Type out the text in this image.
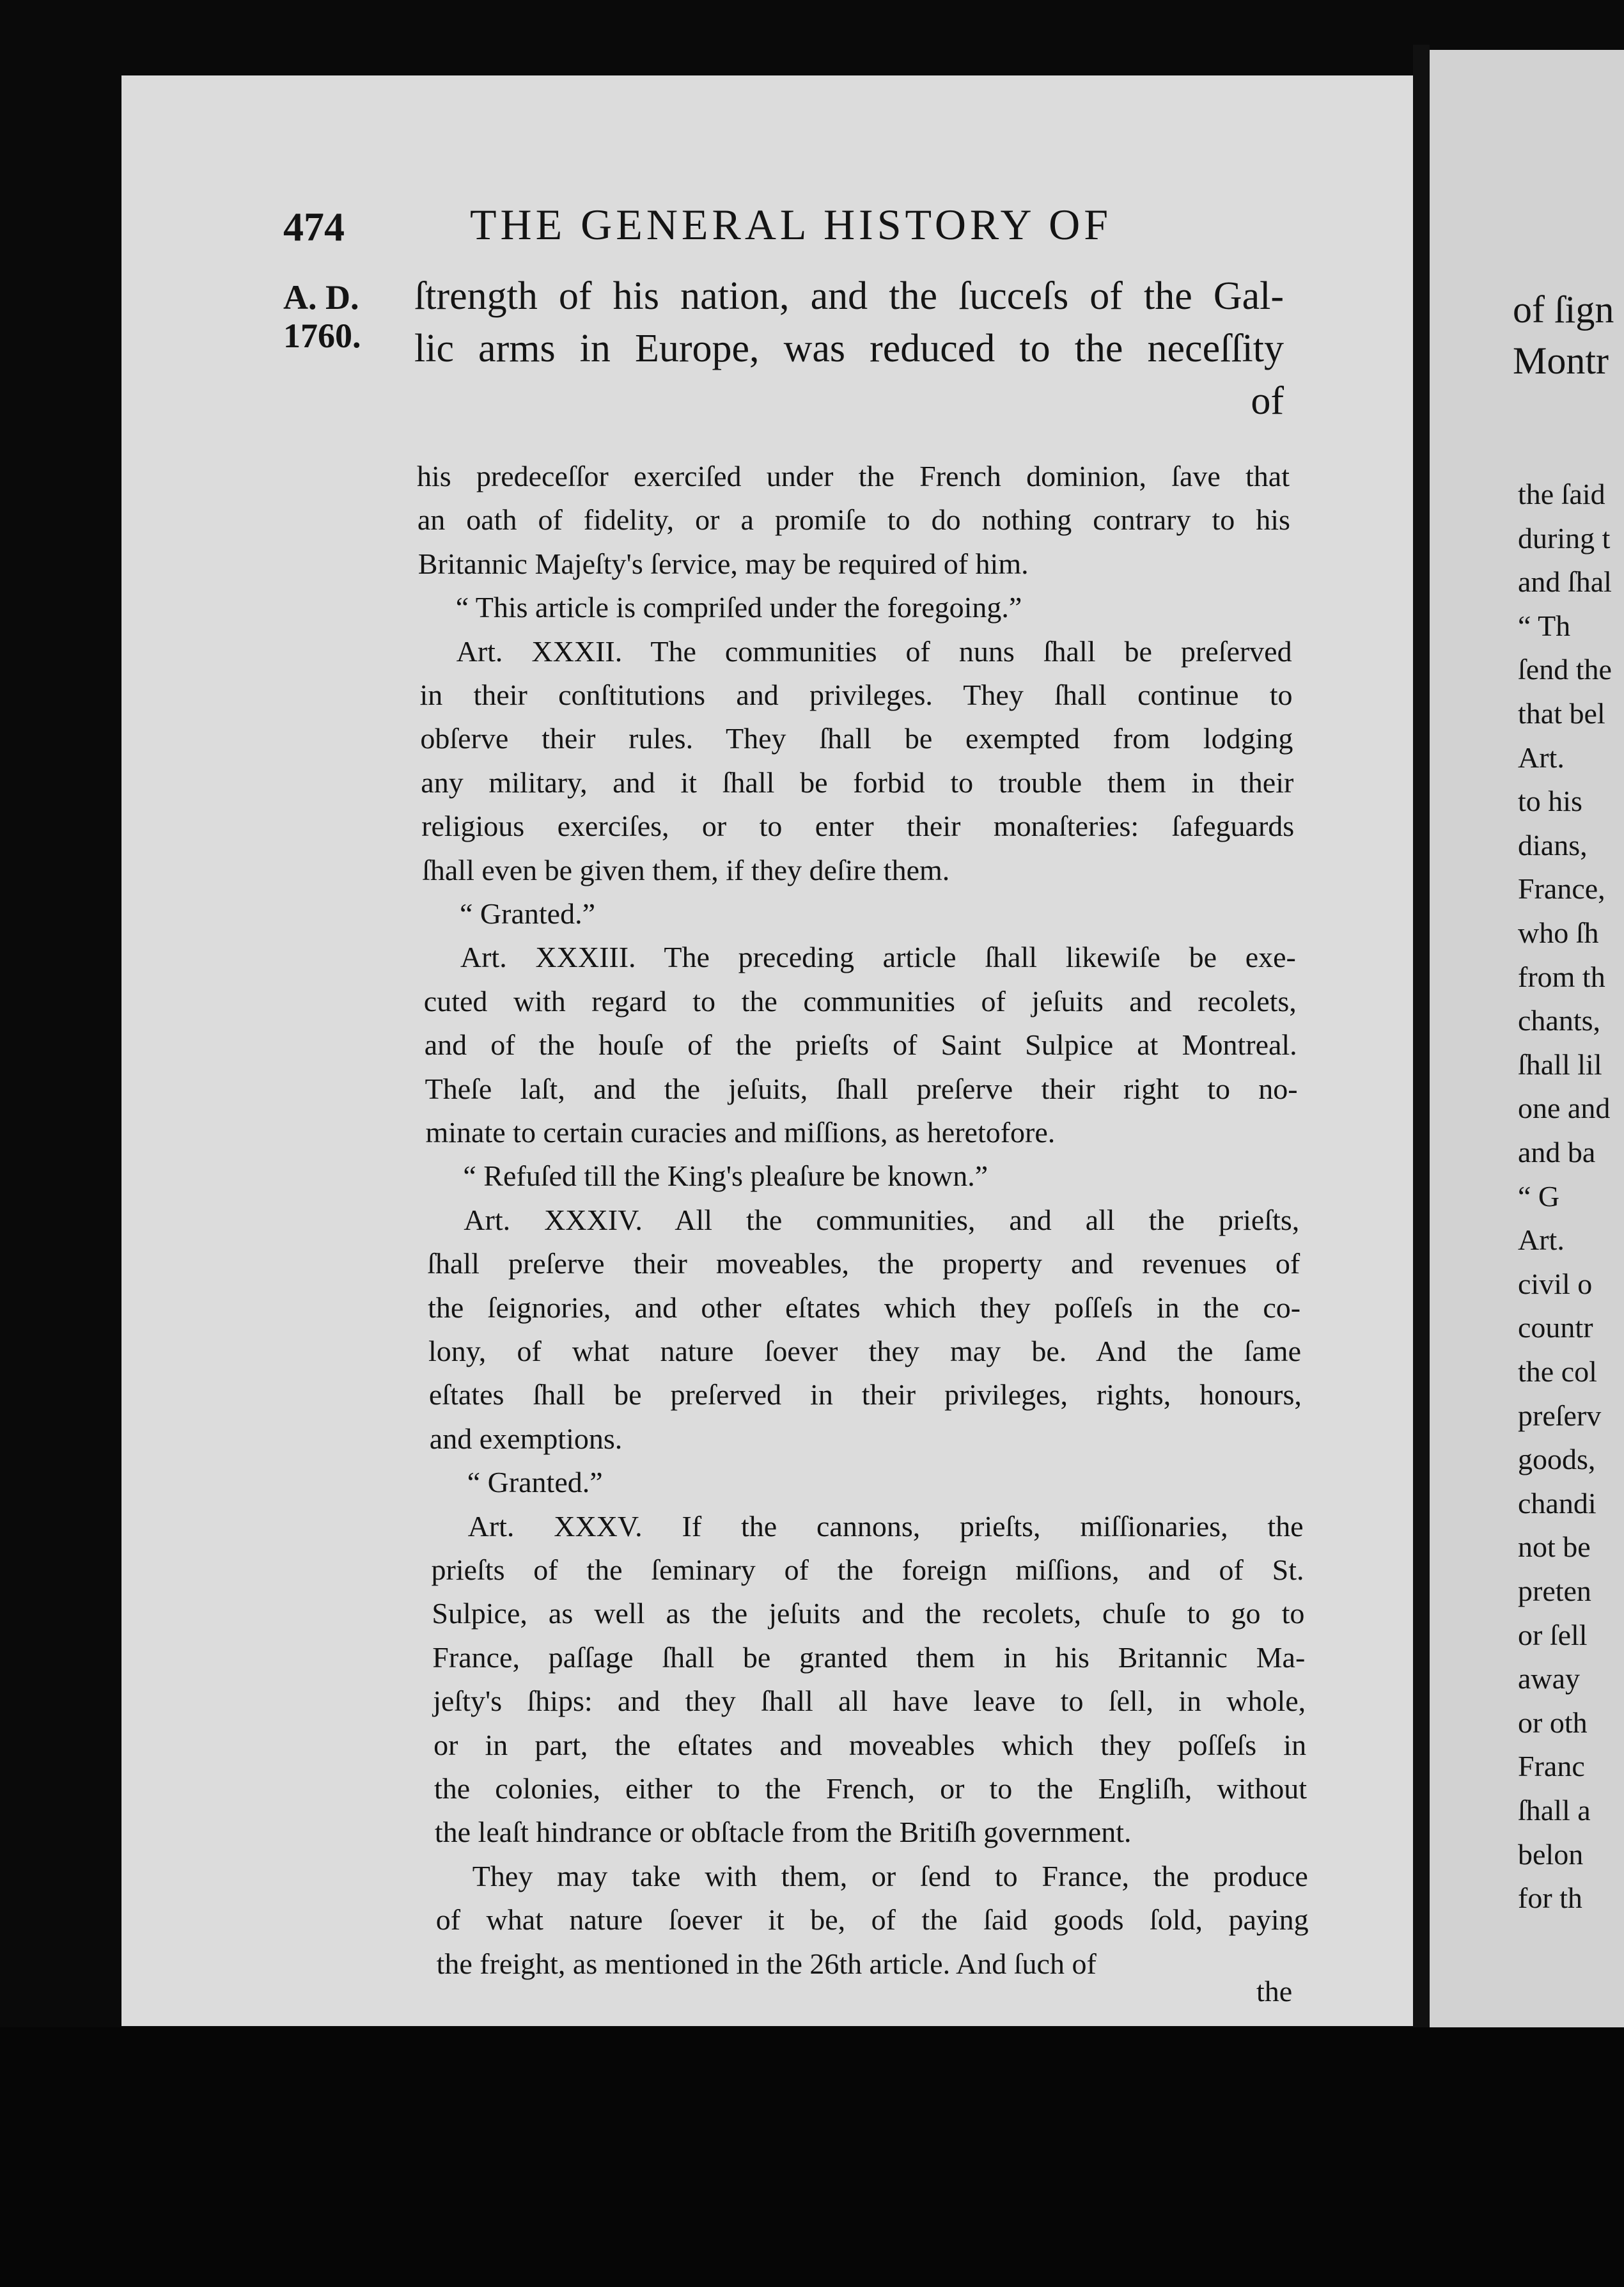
of ſign
Montr
the ſaid
during t
and ſhal
“ Th
ſend the
that bel
Art.
to his
dians,
France,
who ſh
from th
chants,
ſhall lil
one and
and ba
“ G
Art.
civil o
countr
the col
preſerv
goods,
chandi
not be
preten
or ſell
away
or oth
Franc
ſhall a
belon
for th
474	THE GENERAL HISTORY OF
A. D.
1760.
ſtrength of his nation, and the ſucceſs of the Gal-
lic arms in Europe, was reduced to the neceſſity
of
his predeceſſor exerciſed under the French dominion, ſave that
an oath of fidelity, or a promiſe to do nothing contrary to his
Britannic Majeſty's ſervice, may be required of him.
“ This article is compriſed under the foregoing.”
Art. XXXII. The communities of nuns ſhall be preſerved
in their conſtitutions and privileges. They ſhall continue to
obſerve their rules. They ſhall be exempted from lodging
any military, and it ſhall be forbid to trouble them in their
religious exerciſes, or to enter their monaſteries: ſafeguards
ſhall even be given them, if they deſire them.
“ Granted.”
Art. XXXIII. The preceding article ſhall likewiſe be exe-
cuted with regard to the communities of jeſuits and recolets,
and of the houſe of the prieſts of Saint Sulpice at Montreal.
Theſe laſt, and the jeſuits, ſhall preſerve their right to no-
minate to certain curacies and miſſions, as heretofore.
“ Refuſed till the King's pleaſure be known.”
Art. XXXIV. All the communities, and all the prieſts,
ſhall preſerve their moveables, the property and revenues of
the ſeignories, and other eſtates which they poſſeſs in the co-
lony, of what nature ſoever they may be. And the ſame
eſtates ſhall be preſerved in their privileges, rights, honours,
and exemptions.
“ Granted.”
Art. XXXV. If the cannons, prieſts, miſſionaries, the
prieſts of the ſeminary of the foreign miſſions, and of St.
Sulpice, as well as the jeſuits and the recolets, chuſe to go to
France, paſſage ſhall be granted them in his Britannic Ma-
jeſty's ſhips: and they ſhall all have leave to ſell, in whole,
or in part, the eſtates and moveables which they poſſeſs in
the colonies, either to the French, or to the Engliſh, without
the leaſt hindrance or obſtacle from the Britiſh government.
They may take with them, or ſend to France, the produce
of what nature ſoever it be, of the ſaid goods ſold, paying
the freight, as mentioned in the 26th article. And ſuch of
the
